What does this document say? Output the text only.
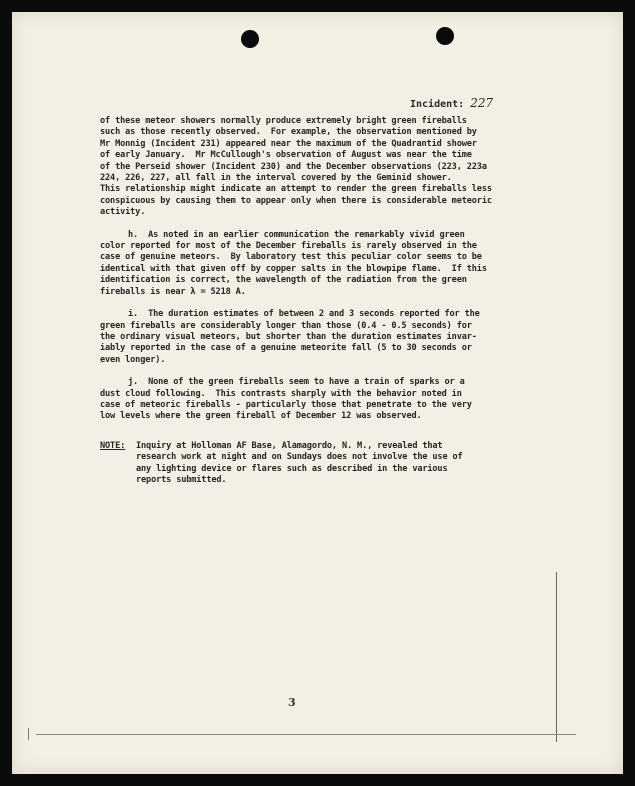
Incident: 227
of these meteor showers normally produce extremely bright green fireballs
such as those recently observed.  For example, the observation mentioned by
Mr Monnig (Incident 231) appeared near the maximum of the Quadrantid shower
of early January.  Mr McCullough's observation of August was near the time
of the Perseid shower (Incident 230) and the December observations (223, 223a
224, 226, 227, all fall in the interval covered by the Geminid shower.
This relationship might indicate an attempt to render the green fireballs less
conspicuous by causing them to appear only when there is considerable meteoric
activity.
h.  As noted in an earlier communication the remarkably vivid green
color reported for most of the December fireballs is rarely observed in the
case of genuine meteors.  By laboratory test this peculiar color seems to be
identical with that given off by copper salts in the blowpipe flame.  If this
identification is correct, the wavelength of the radiation from the green
fireballs is near λ = 5218 A.
i.  The duration estimates of between 2 and 3 seconds reported for the
green fireballs are considerably longer than those (0.4 - 0.5 seconds) for
the ordinary visual meteors, but shorter than the duration estimates invar-
iably reported in the case of a genuine meteorite fall (5 to 30 seconds or
even longer).
j.  None of the green fireballs seem to have a train of sparks or a
dust cloud following.  This contrasts sharply with the behavior noted in
case of meteoric fireballs - particularly those that penetrate to the very
low levels where the green fireball of December 12 was observed.
NOTE: Inquiry at Holloman AF Base, Alamagordo, N. M., revealed that
research work at night and on Sundays does not involve the use of
any lighting device or flares such as described in the various
reports submitted.
3
